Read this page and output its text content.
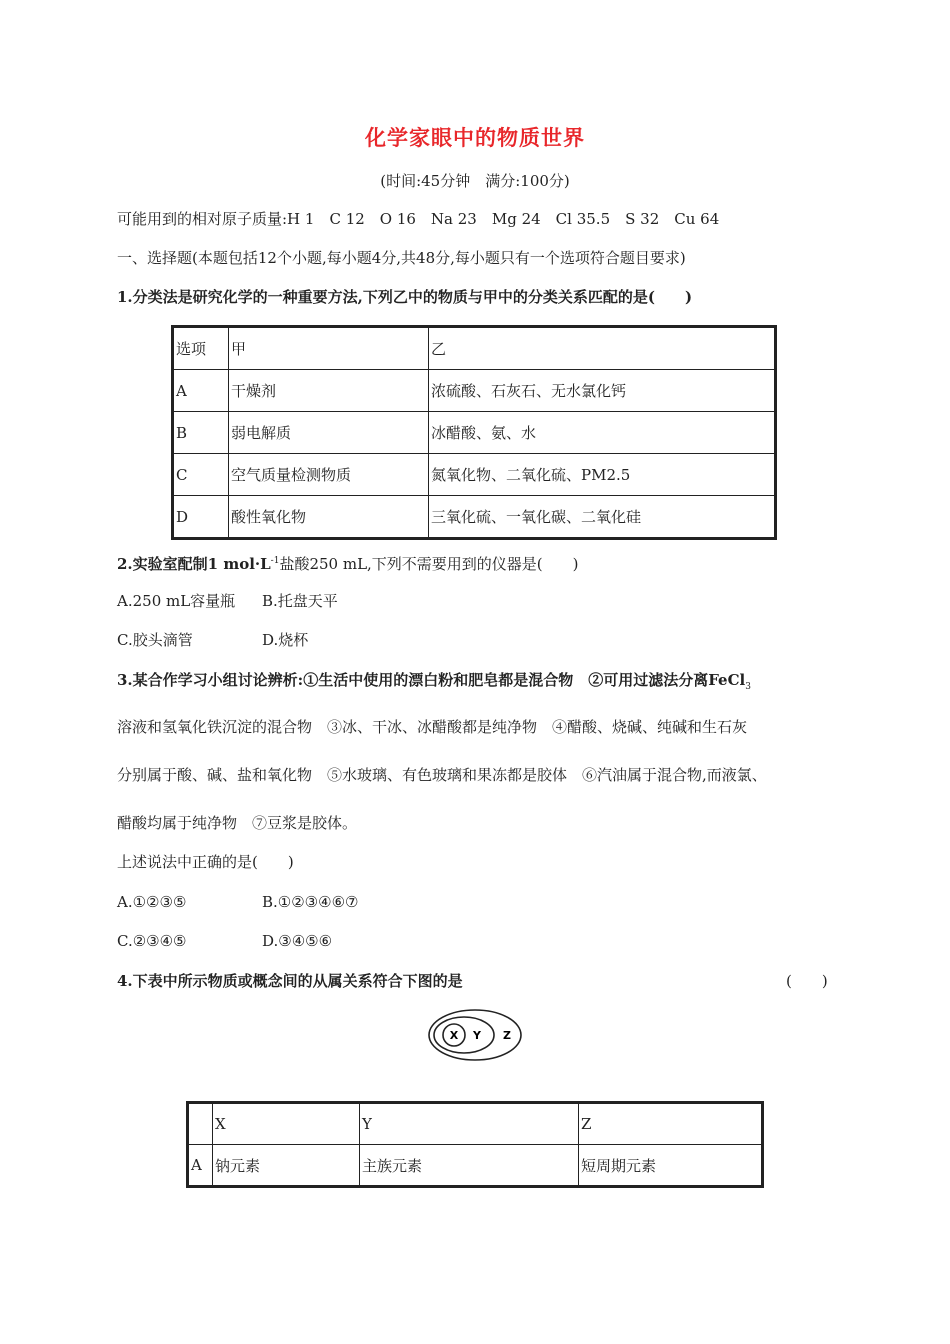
化学家眼中的物质世界
(时间:45分钟　满分:100分)
可能用到的相对原子质量:H 1　C 12　O 16　Na 23　Mg 24　Cl 35.5　S 32　Cu 64
一、选择题(本题包括12个小题,每小题4分,共48分,每小题只有一个选项符合题目要求)
1.分类法是研究化学的一种重要方法,下列乙中的物质与甲中的分类关系匹配的是(　　)
选项	甲	乙
A	干燥剂	浓硫酸、石灰石、无水氯化钙
B	弱电解质	冰醋酸、氨、水
C	空气质量检测物质	氮氧化物、二氧化硫、PM2.5
D	酸性氧化物	三氧化硫、一氧化碳、二氧化硅
2.实验室配制1 $mol\cdot L^{-1}$盐酸250 mL,下列不需要用到的仪器是(　　)
A.250 mL容量瓶 B.托盘天平
C.胶头滴管	D.烧杯
3.某合作学习小组讨论辨析:①生活中使用的漂白粉和肥皂都是混合物　②可用过滤法分离FeCl$_3$
溶液和氢氧化铁沉淀的混合物　③冰、干冰、冰醋酸都是纯净物　④醋酸、烧碱、纯碱和生石灰
分别属于酸、碱、盐和氧化物　⑤水玻璃、有色玻璃和果冻都是胶体　⑥汽油属于混合物,而液氯、
醋酸均属于纯净物　⑦豆浆是胶体。
上述说法中正确的是(　　)
A.①②③⑤	B.①②③④⑥⑦
C.②③④⑤	D.③④⑤⑥
4.下表中所示物质或概念间的从属关系符合下图的是	(　　)
X Y Z
	X	Y	Z
A	钠元素	主族元素	短周期元素
